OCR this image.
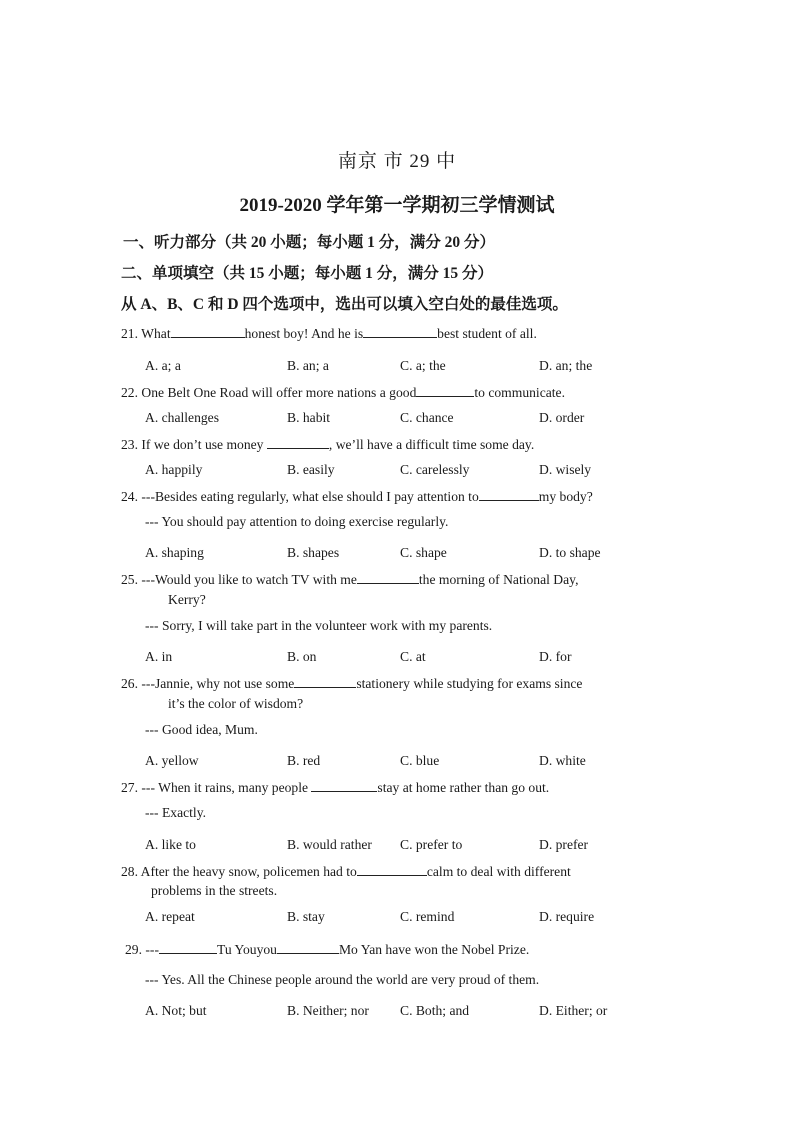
南京 市 29 中
2019-2020 学年第一学期初三学情测试
一、听力部分（共 20 小题；每小题 1 分，满分 20 分）
二、单项填空（共 15 小题；每小题 1 分，满分 15 分）
从 A、B、C 和 D 四个选项中，选出可以填入空白处的最佳选项。
21. What	honest boy! And he is	best student of all.
A. a; a	B. an; a	C. a; the	D. an; the
22. One Belt One Road will offer more nations a good	to communicate.
A. challenges	B. habit	C. chance	D. order
23. If we don’t use money	, we’ll have a difficult time some day.
A. happily	B. easily	C. carelessly	D. wisely
24. ---Besides eating regularly, what else should I pay attention to	my body?
--- You should pay attention to doing exercise regularly.
A. shaping	B. shapes	C. shape	D. to shape
25. ---Would you like to watch TV with me	the morning of National Day,
Kerry?
--- Sorry, I will take part in the volunteer work with my parents.
A. in	B. on	C. at	D. for
26. ---Jannie, why not use some	stationery while studying for exams since
it’s the color of wisdom?
--- Good idea, Mum.
A. yellow	B. red	C. blue	D. white
27. --- When it rains, many people	stay at home rather than go out.
--- Exactly.
A. like to	B. would rather C. prefer to	D. prefer
28. After the heavy snow, policemen had to	calm to deal with different
problems in the streets.
A. repeat	B. stay	C. remind	D. require
29. ---	Tu Youyou	Mo Yan have won the Nobel Prize.
--- Yes. All the Chinese people around the world are very proud of them.
A. Not; but	B. Neither; nor C. Both; and	D. Either; or
